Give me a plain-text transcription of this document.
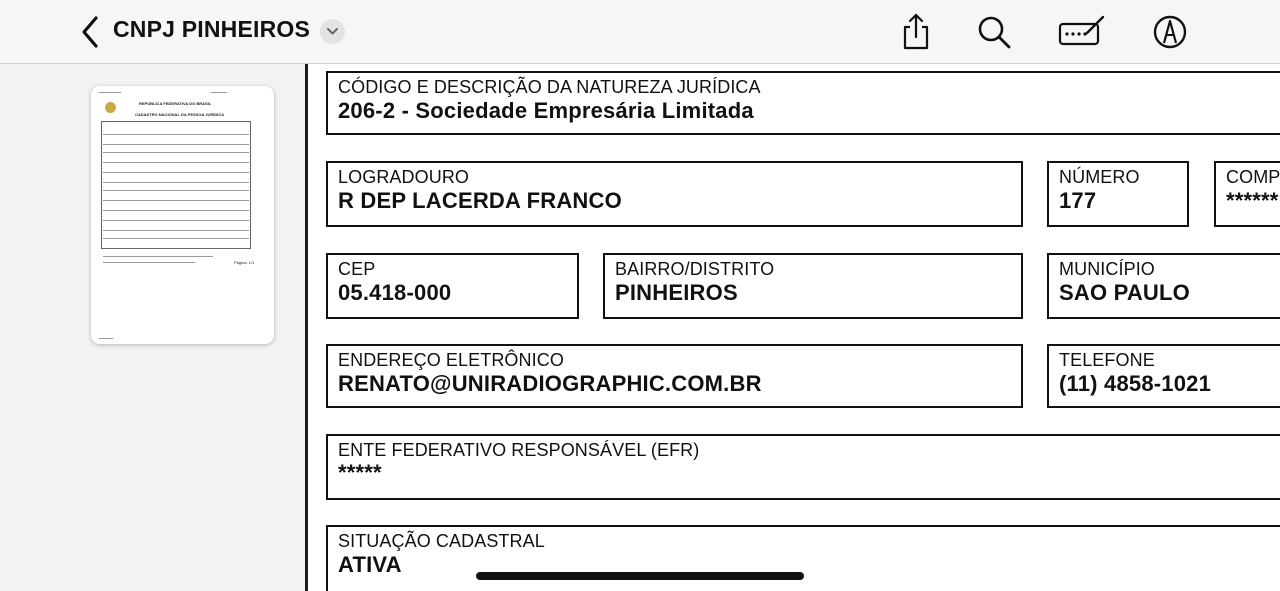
CNPJ PINHEIROS
REPÚBLICA FEDERATIVA DO BRASIL
CADASTRO NACIONAL DA PESSOA JURÍDICA
Página: 1/1
CÓDIGO E DESCRIÇÃO DA NATUREZA JURÍDICA
206-2 - Sociedade Empresária Limitada
LOGRADOURO
R DEP LACERDA FRANCO
NÚMERO
177
COMP
******
CEP
05.418-000
BAIRRO/DISTRITO
PINHEIROS
MUNICÍPIO
SAO PAULO
ENDEREÇO ELETRÔNICO
RENATO@UNIRADIOGRAPHIC.COM.BR
TELEFONE
(11) 4858-1021
ENTE FEDERATIVO RESPONSÁVEL (EFR)
*****
SITUAÇÃO CADASTRAL
ATIVA
